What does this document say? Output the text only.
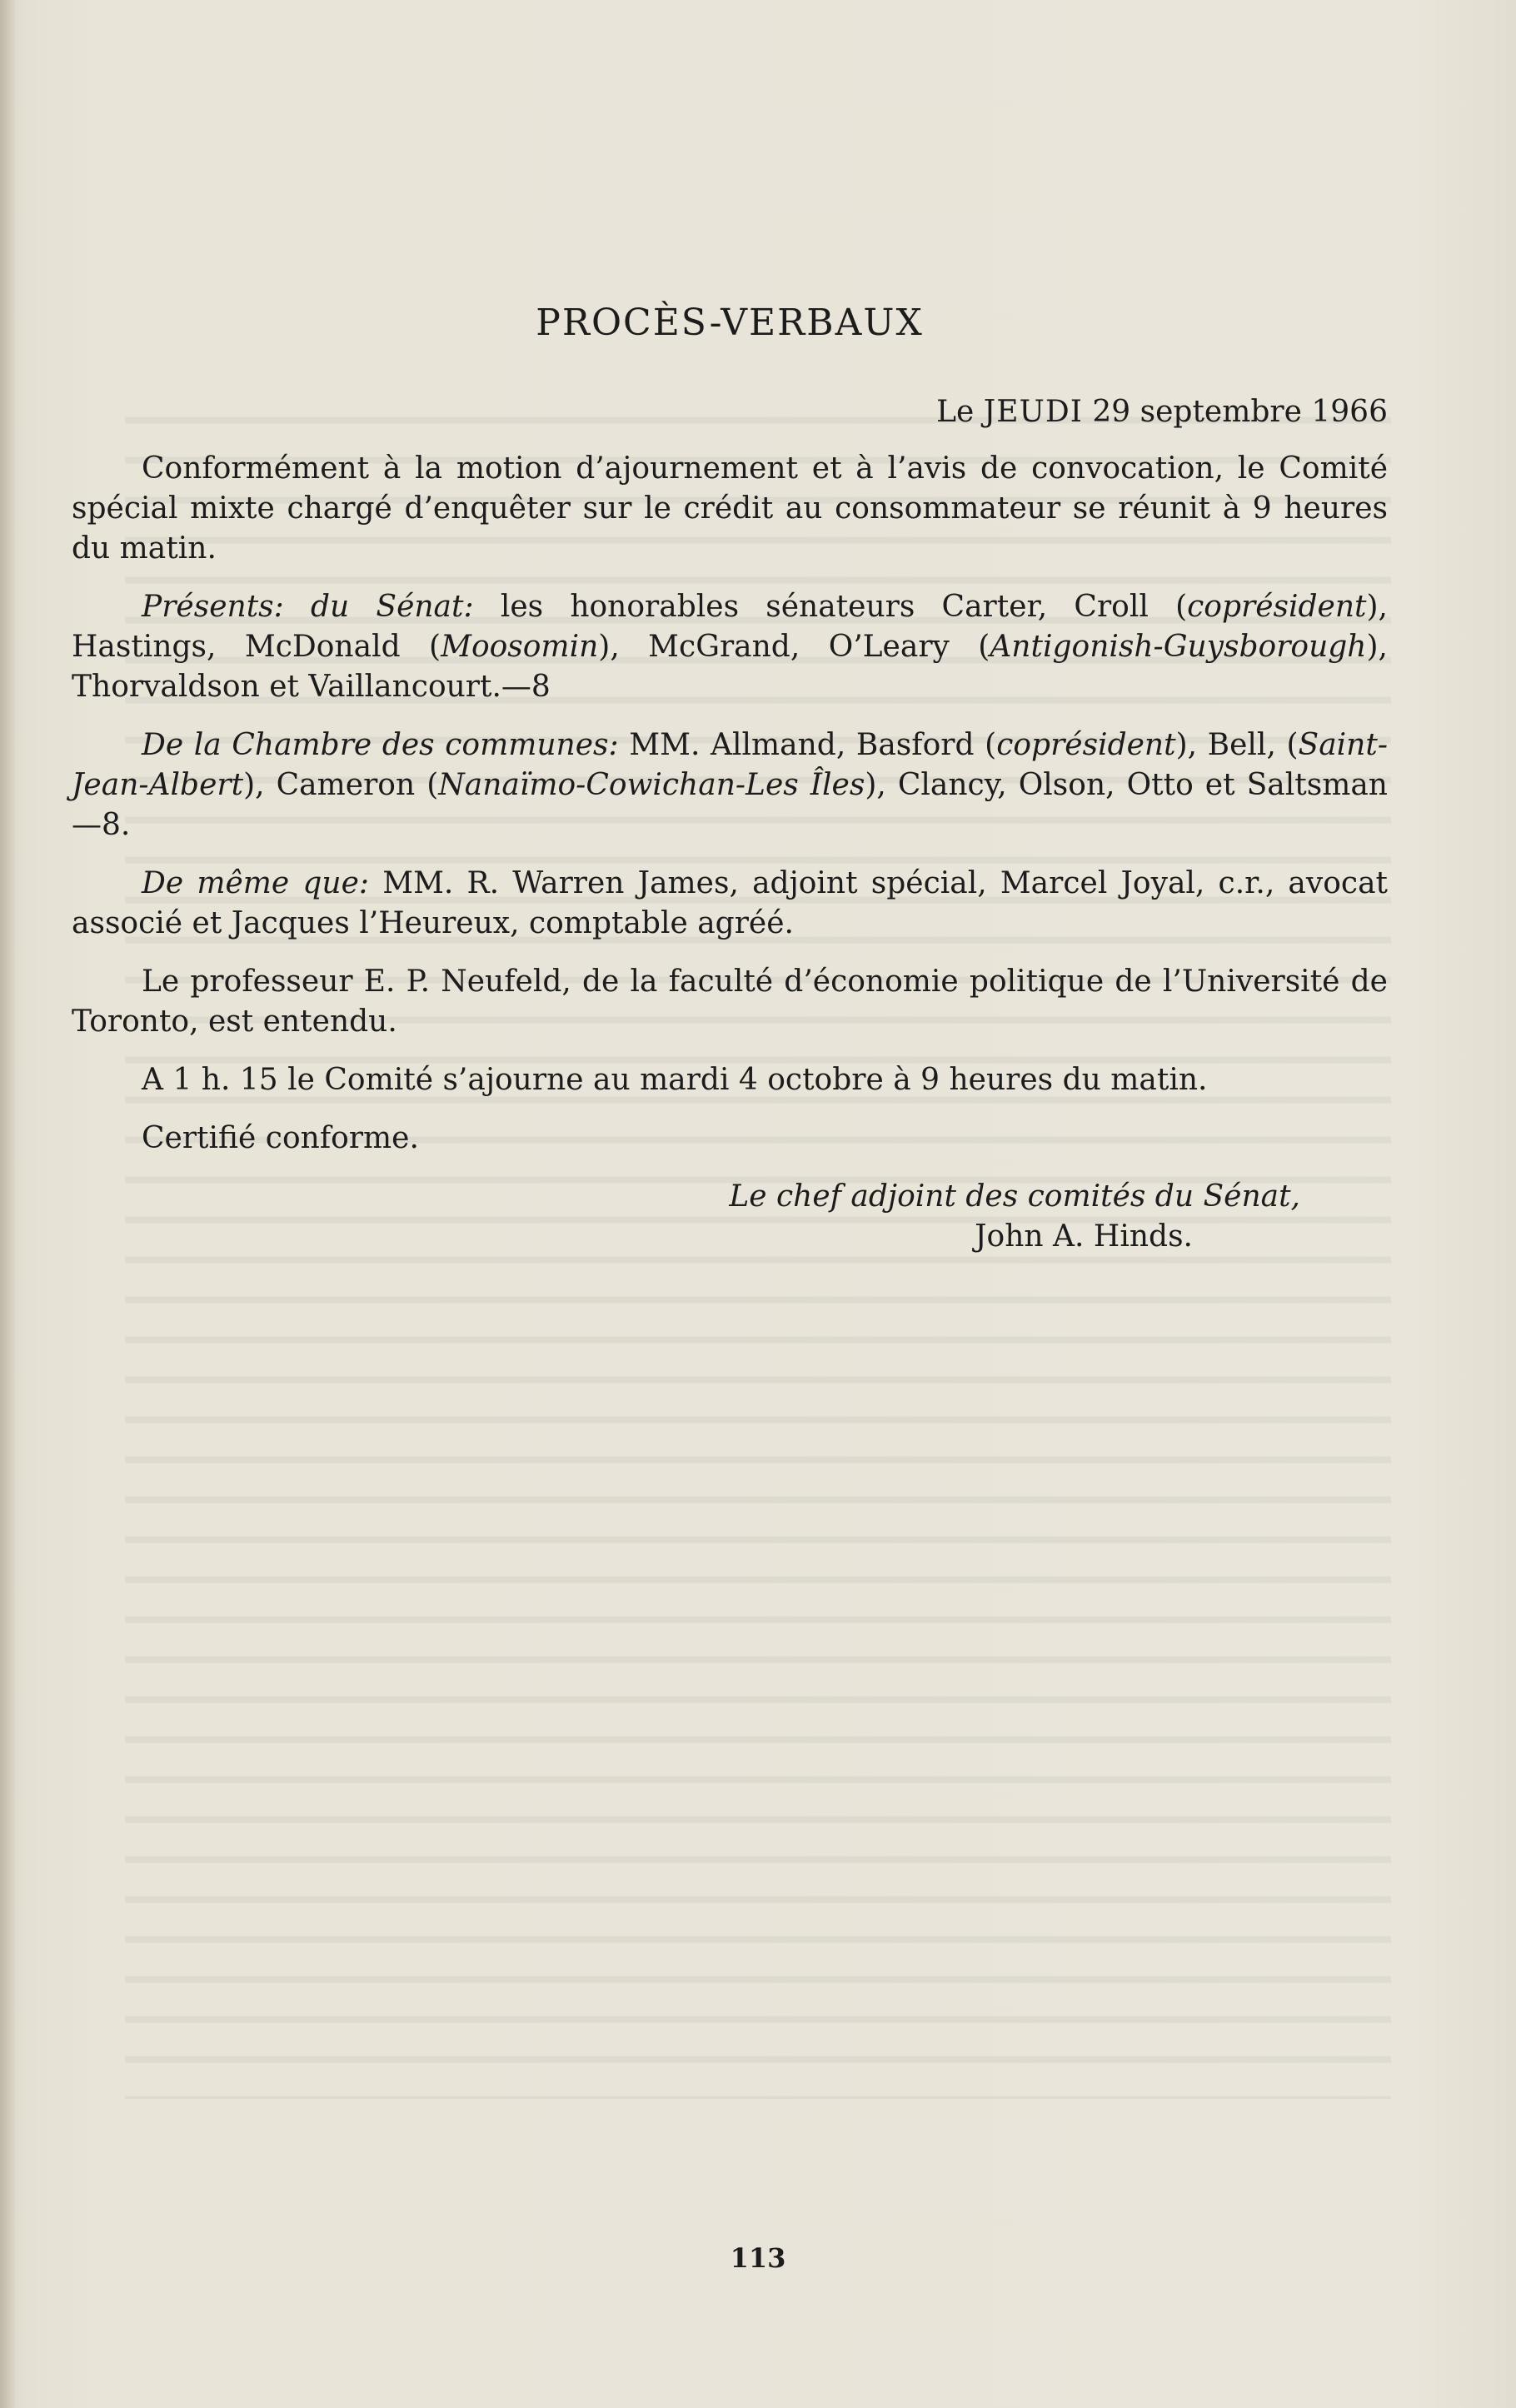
PROCÈS-VERBAUX
Le JEUDI 29 septembre 1966

Conformément à la motion d’ajournement et à l’avis de convocation, le Comité spécial mixte chargé d’enquêter sur le crédit au consommateur se réunit à 9 heures du matin.

Présents: du Sénat: les honorables sénateurs Carter, Croll (coprésident), Hastings, McDonald (Moosomin), McGrand, O’Leary (Antigonish-Guysborough), Thorvaldson et Vaillancourt.—8

De la Chambre des communes: MM. Allmand, Basford (coprésident), Bell, (Saint-Jean-Albert), Cameron (Nanaïmo-Cowichan-Les Îles), Clancy, Olson, Otto et Saltsman—8.

De même que: MM. R. Warren James, adjoint spécial, Marcel Joyal, c.r., avocat associé et Jacques l’Heureux, comptable agréé.

Le professeur E. P. Neufeld, de la faculté d’économie politique de l’Université de Toronto, est entendu.

A 1 h. 15 le Comité s’ajourne au mardi 4 octobre à 9 heures du matin.

Certifié conforme.

Le chef adjoint des comités du Sénat,
John A. Hinds.
113
